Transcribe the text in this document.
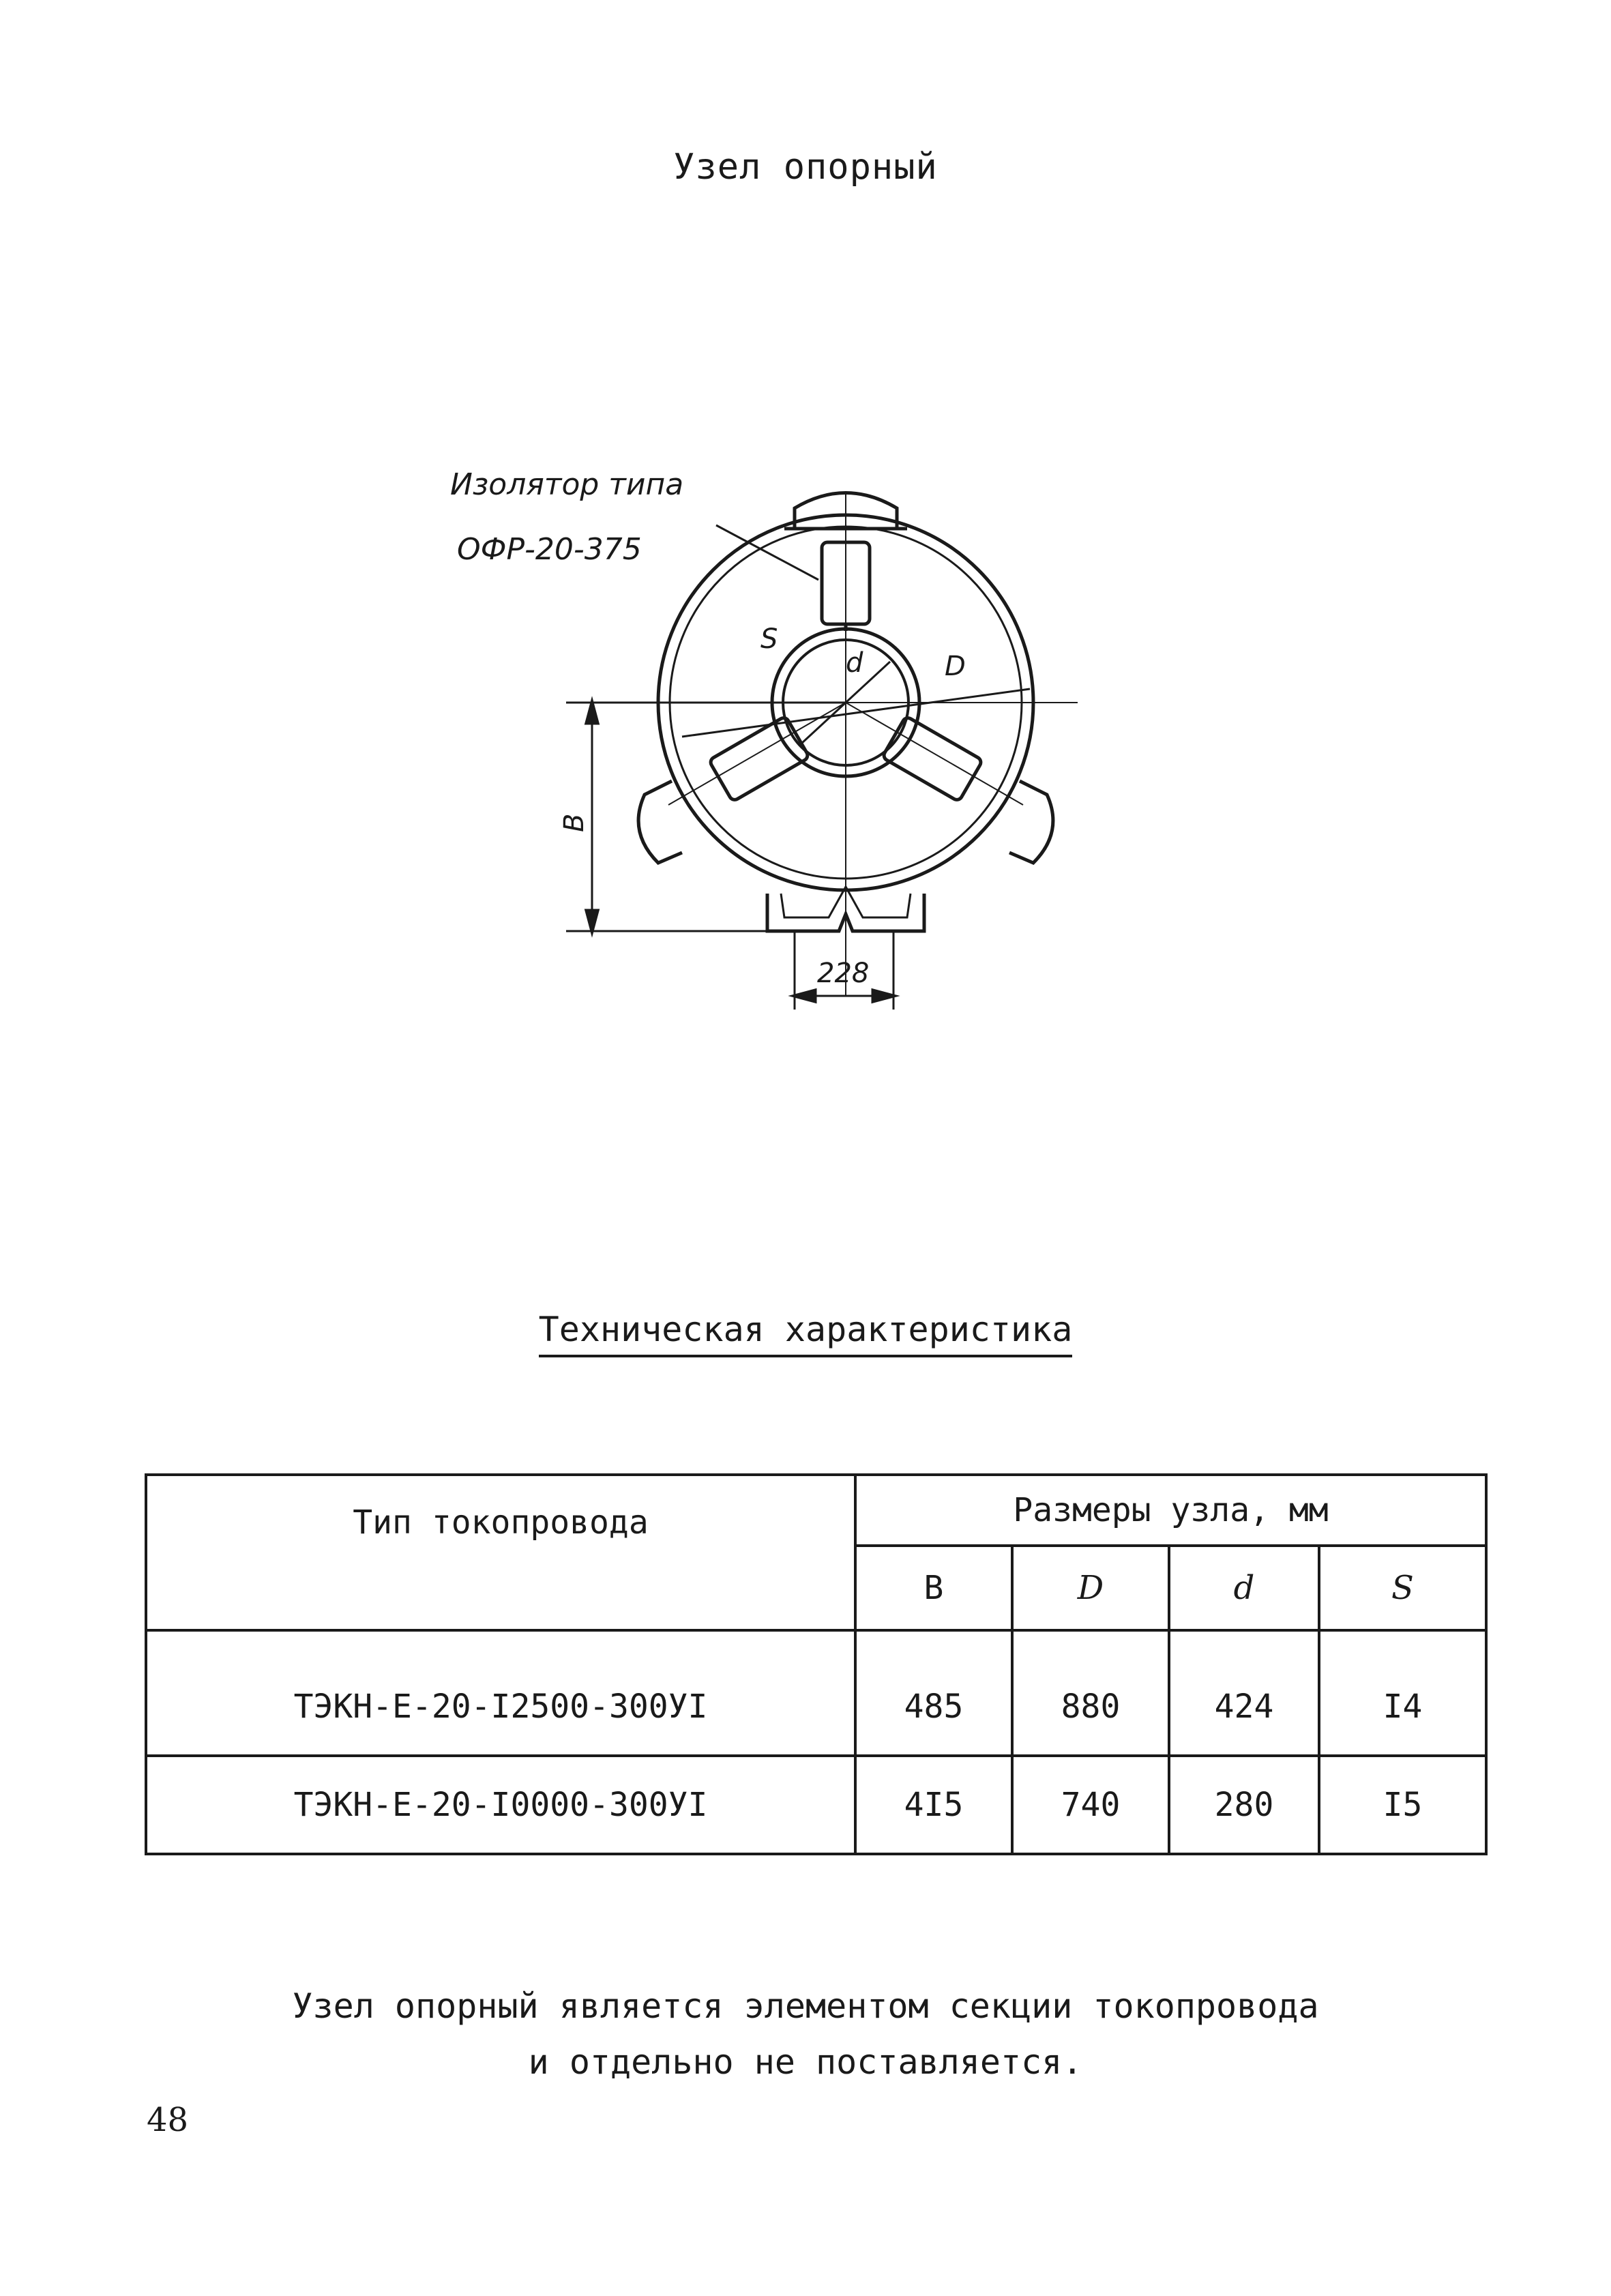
Узел опорный
Изолятор типа
ОФР-20-375
S
d	D
B
228
Техническая характеристика
Тип токопровода	Размеры узла, мм			
	B	D	d	S
ТЭКН-Е-20-I2500-300УI	485	880	424	I4
ТЭКН-Е-20-I0000-300УI	4I5	740	280	I5
Узел опорный является элементом секции токопровода
и отдельно не поставляется.
48
